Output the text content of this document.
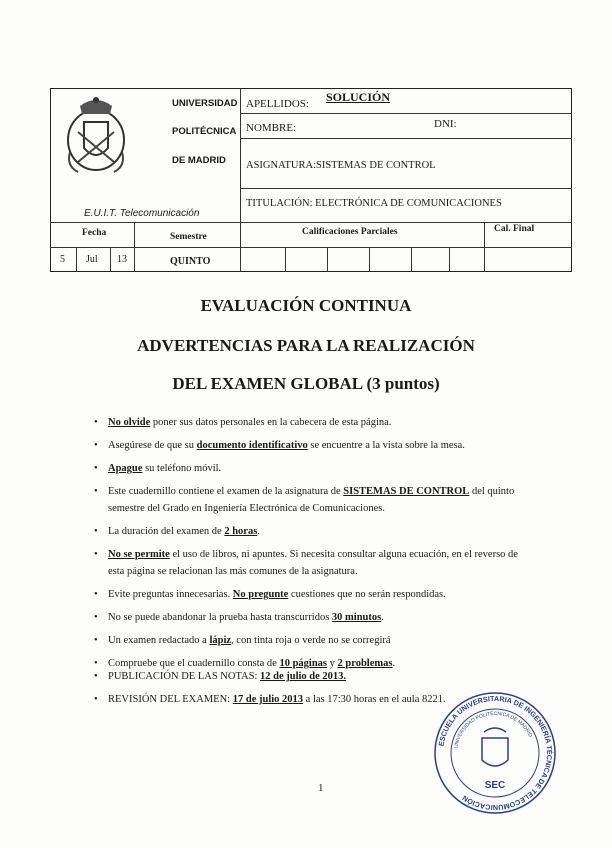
UNIVERSIDAD
POLITÉCNICA
DE MADRID
E.U.I.T. Telecomunicación
APELLIDOS: SOLUCIÓN
NOMBRE:	DNI:
ASIGNATURA:SISTEMAS DE CONTROL
TITULACIÓN: ELECTRÓNICA DE COMUNICACIONES
Fecha	Semestre	Calificaciones Parciales	Cal. Final
5 Jul 13	QUINTO
EVALUACIÓN CONTINUA
ADVERTENCIAS PARA LA REALIZACIÓN
DEL EXAMEN GLOBAL (3 puntos)
• No olvide poner sus datos personales en la cabecera de esta página.
• Asegúrese de que su documento identificativo se encuentre a la vista sobre la mesa.
• Apague su teléfono móvil.
• Este cuadernillo contiene el examen de la asignatura de SISTEMAS DE CONTROL del quinto semestre del Grado en Ingeniería Electrónica de Comunicaciones.
• La duración del examen de 2 horas.
• No se permite el uso de libros, ni apuntes. Si necesita consultar alguna ecuación, en el reverso de esta página se relacionan las más comunes de la asignatura.
• Evite preguntas innecesarias. No pregunte cuestiones que no serán respondidas.
• No se puede abandonar la prueba hasta transcurridos 30 minutos.
• Un examen redactado a lápiz, con tinta roja o verde no se corregirá
• Compruebe que el cuadernillo consta de 10 páginas y 2 problemas.
• PUBLICACIÓN DE LAS NOTAS: 12 de julio de 2013.
• REVISIÓN DEL EXAMEN: 17 de julio 2013 a las 17:30 horas en el aula 8221.
1
ESCUELA UNIVERSITARIA DE INGENIERÍA TÉCNICA DE TELECOMUNICACIÓN
UNIVERSIDAD POLITÉCNICA DE MADRID
SEC
